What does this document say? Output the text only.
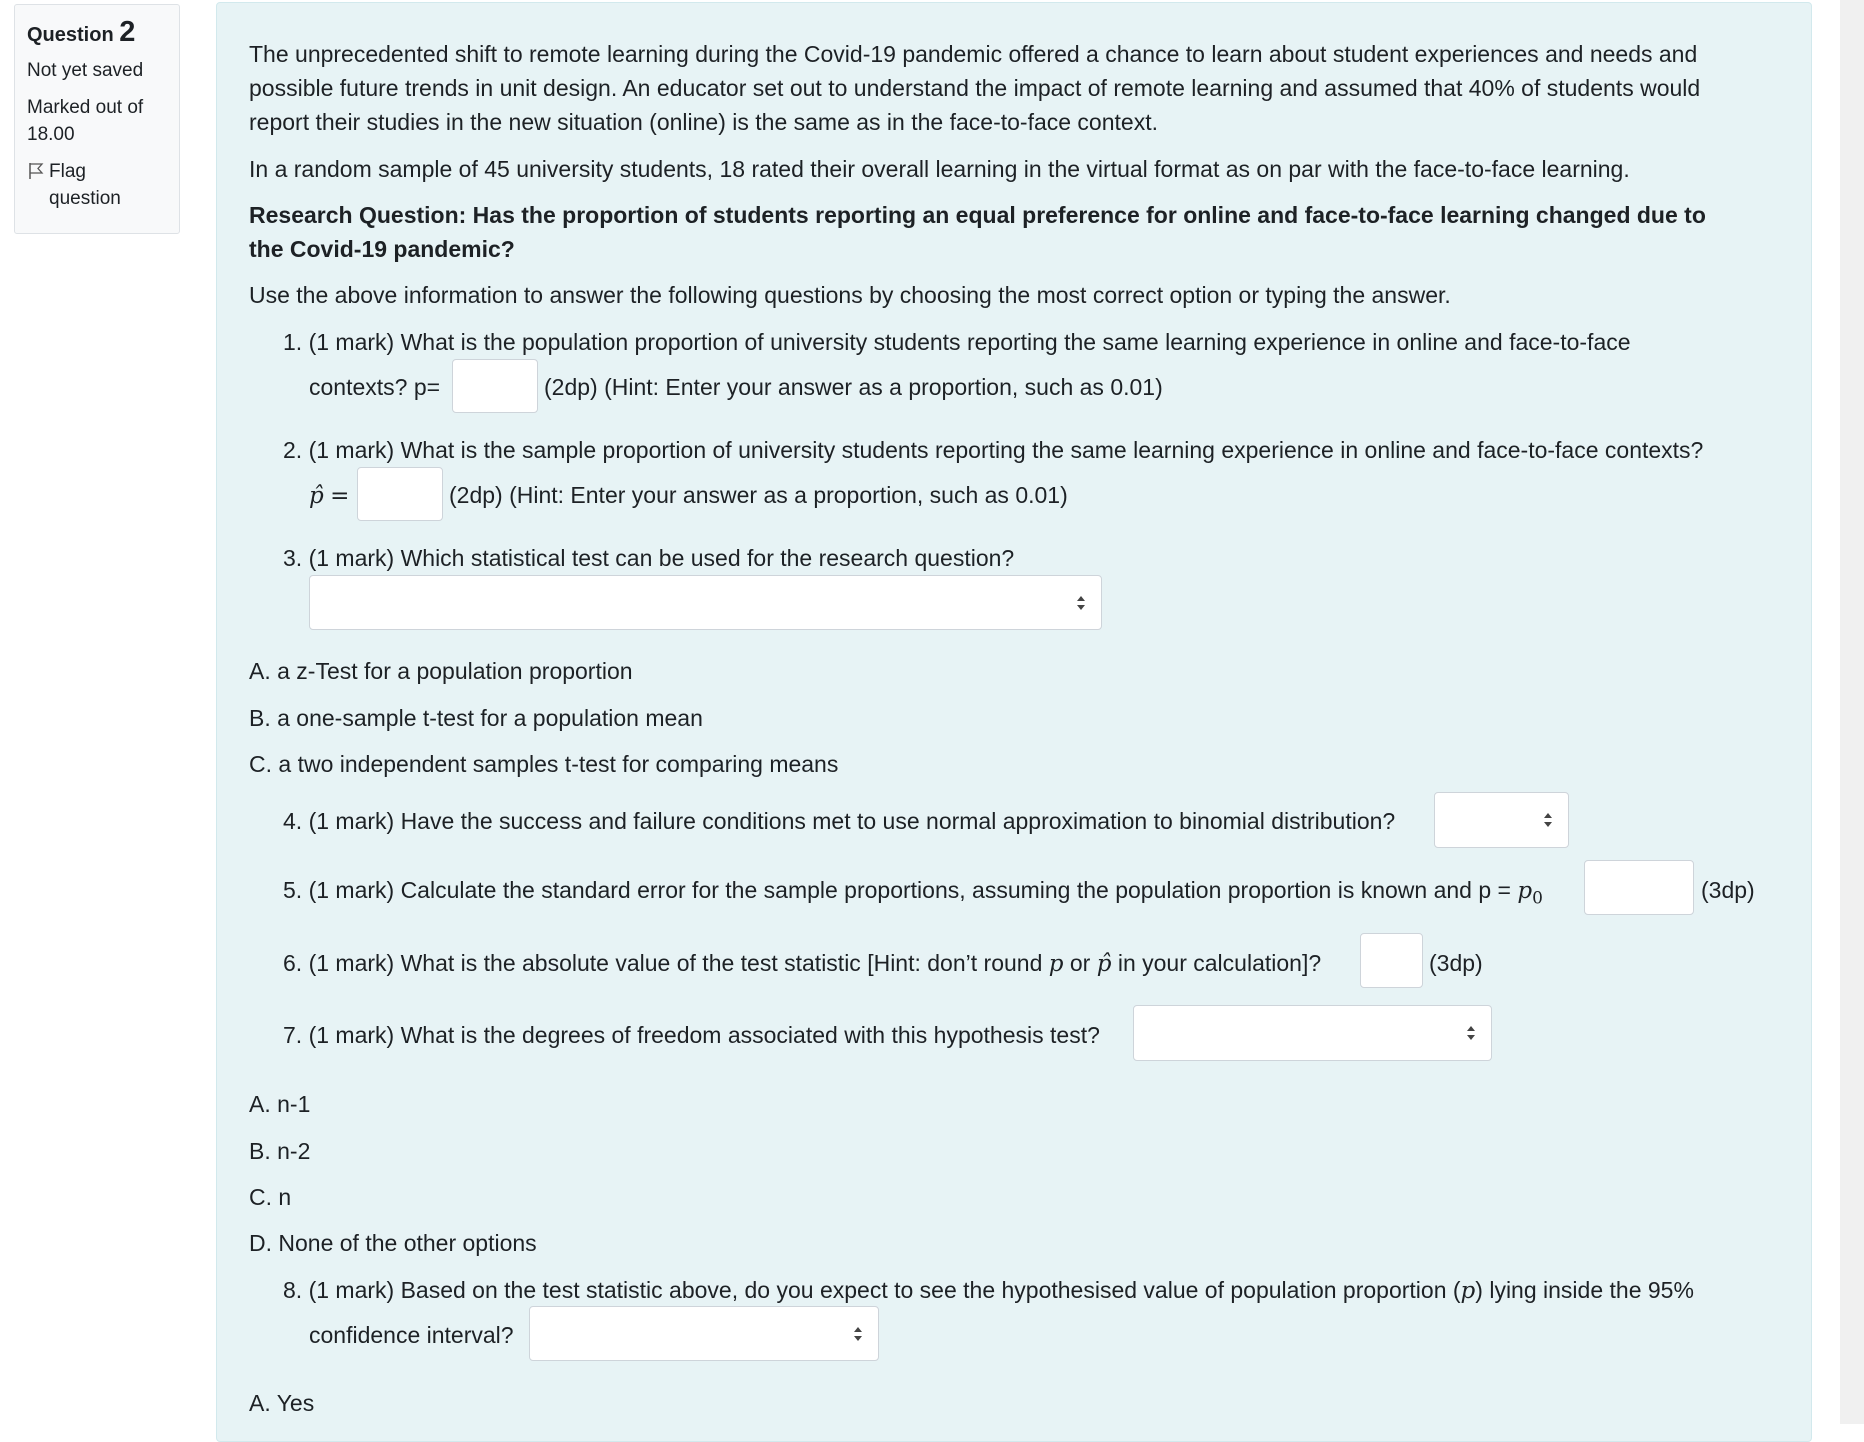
Question 2
Not yet saved
Marked out of
18.00
Flag
question
The unprecedented shift to remote learning during the Covid-19 pandemic offered a chance to learn about student experiences and needs and
possible future trends in unit design. An educator set out to understand the impact of remote learning and assumed that 40% of students would
report their studies in the new situation (online) is the same as in the face-to-face context.
In a random sample of 45 university students, 18 rated their overall learning in the virtual format as on par with the face-to-face learning.
Research Question: Has the proportion of students reporting an equal preference for online and face-to-face learning changed due to
the Covid-19 pandemic?
Use the above information to answer the following questions by choosing the most correct option or typing the answer.
1. (1 mark) What is the population proportion of university students reporting the same learning experience in online and face-to-face
contexts? p=	(2dp) (Hint: Enter your answer as a proportion, such as 0.01)
2. (1 mark) What is the sample proportion of university students reporting the same learning experience in online and face-to-face contexts?
p̂ =	(2dp) (Hint: Enter your answer as a proportion, such as 0.01)
3. (1 mark) Which statistical test can be used for the research question?
A. a z-Test for a population proportion
B. a one-sample t-test for a population mean
C. a two independent samples t-test for comparing means
4. (1 mark) Have the success and failure conditions met to use normal approximation to binomial distribution?
5. (1 mark) Calculate the standard error for the sample proportions, assuming the population proportion is known and $p = p_0$	(3dp)
6. (1 mark) What is the absolute value of the test statistic [Hint: don’t round p or p̂ in your calculation]?	(3dp)
7. (1 mark) What is the degrees of freedom associated with this hypothesis test?
A. n-1
B. n-2
C. n
D. None of the other options
8. (1 mark) Based on the test statistic above, do you expect to see the hypothesised value of population proportion (p) lying inside the 95%
confidence interval?
A. Yes
